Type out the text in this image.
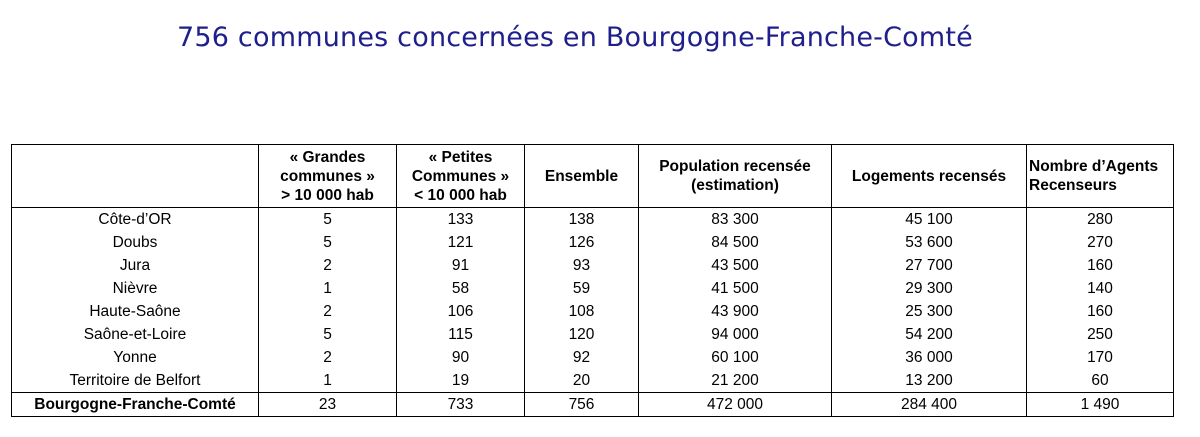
756 communes concernées en Bourgogne-Franche-Comté
	« Grandes
communes »
> 10 000 hab	« Petites
Communes »
< 10 000 hab	Ensemble	Population recensée
(estimation)	Logements recensés	Nombre d’Agents
Recenseurs
Côte-d’OR	5	133	138	83 300	45 100	280
Doubs	5	121	126	84 500	53 600	270
Jura	2	91	93	43 500	27 700	160
Nièvre	1	58	59	41 500	29 300	140
Haute-Saône	2	106	108	43 900	25 300	160
Saône-et-Loire	5	115	120	94 000	54 200	250
Yonne	2	90	92	60 100	36 000	170
Territoire de Belfort	1	19	20	21 200	13 200	60
Bourgogne-Franche-Comté	23	733	756	472 000	284 400	1 490
